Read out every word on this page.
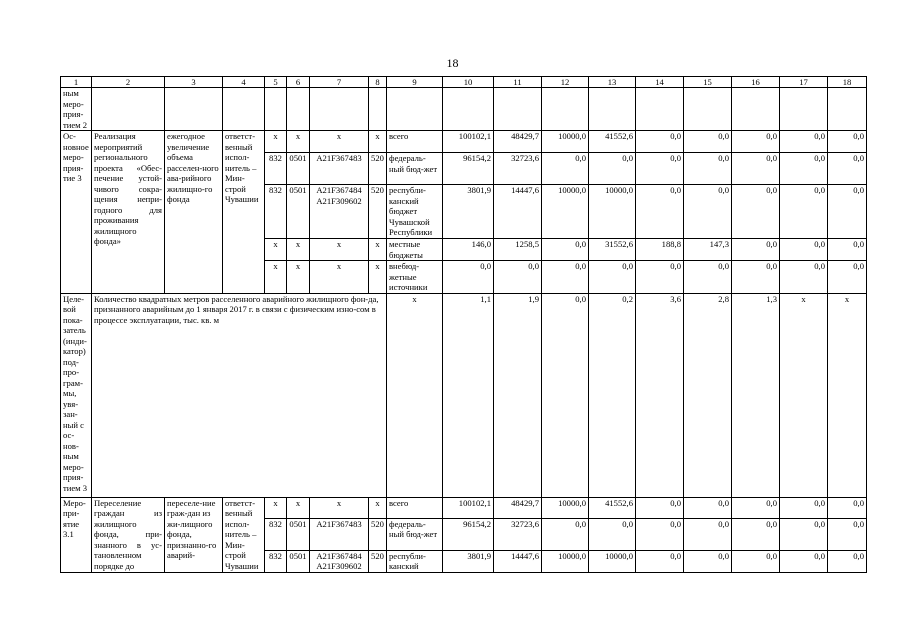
18
1	2	3	4	5	6	7	8	9	10	11	12	13	14	15	16	17	18
ным меро-прия-тием 2																	
Ос-новное меро-прия-тие 3	Реализация мероприятий регионального проекта «Обес-печение устой-чивого сокра-щения непри-годного для проживания жилищного фонда»	ежегодное увеличение объема расселен-ного ава-рийного жилищно-го фонда	ответст-венный испол-нитель – Мин-строй Чувашии	x	x	x	x	всего	100102,1	48429,7	10000,0	41552,6	0,0	0,0	0,0	0,0	0,0
				832	0501	A21F367483	520	федераль-ный бюд-жет	96154,2	32723,6	0,0	0,0	0,0	0,0	0,0	0,0	0,0
				832	0501	A21F367484 A21F309602	520	республи-канский бюджет Чувашской Республики	3801,9	14447,6	10000,0	10000,0	0,0	0,0	0,0	0,0	0,0
				x	x	x	x	местные бюджеты	146,0	1258,5	0,0	31552,6	188,8	147,3	0,0	0,0	0,0
				x	x	x	x	внебюд-жетные источники	0,0	0,0	0,0	0,0	0,0	0,0	0,0	0,0	0,0
Целе-вой пока-затель (инди-катор) под-про-грам-мы, увя-зан-ный с ос-нов-ным меро-прия-тием 3	Количество квадратных метров расселенного аварийного жилищного фон-да, признанного аварийным до 1 января 2017 г. в связи с физическим изно-сом в процессе эксплуатации, тыс. кв. м							x	1,1	1,9	0,0	0,2	3,6	2,8	1,3	x	x
Меро-при-ятие 3.1	Переселение граждан из жилищного фонда, при-знанного в ус-тановленном порядке до	переселе-ние граж-дан из жи-лищного фонда, признанно-го аварий-	ответст-венный испол-нитель – Мин-строй Чувашии	x	x	x	x	всего	100102,1	48429,7	10000,0	41552,6	0,0	0,0	0,0	0,0	0,0
				832	0501	A21F367483	520	федераль-ный бюд-жет	96154,2	32723,6	0,0	0,0	0,0	0,0	0,0	0,0	0,0
				832	0501	A21F367484 A21F309602	520	республи-канский	3801,9	14447,6	10000,0	10000,0	0,0	0,0	0,0	0,0	0,0
